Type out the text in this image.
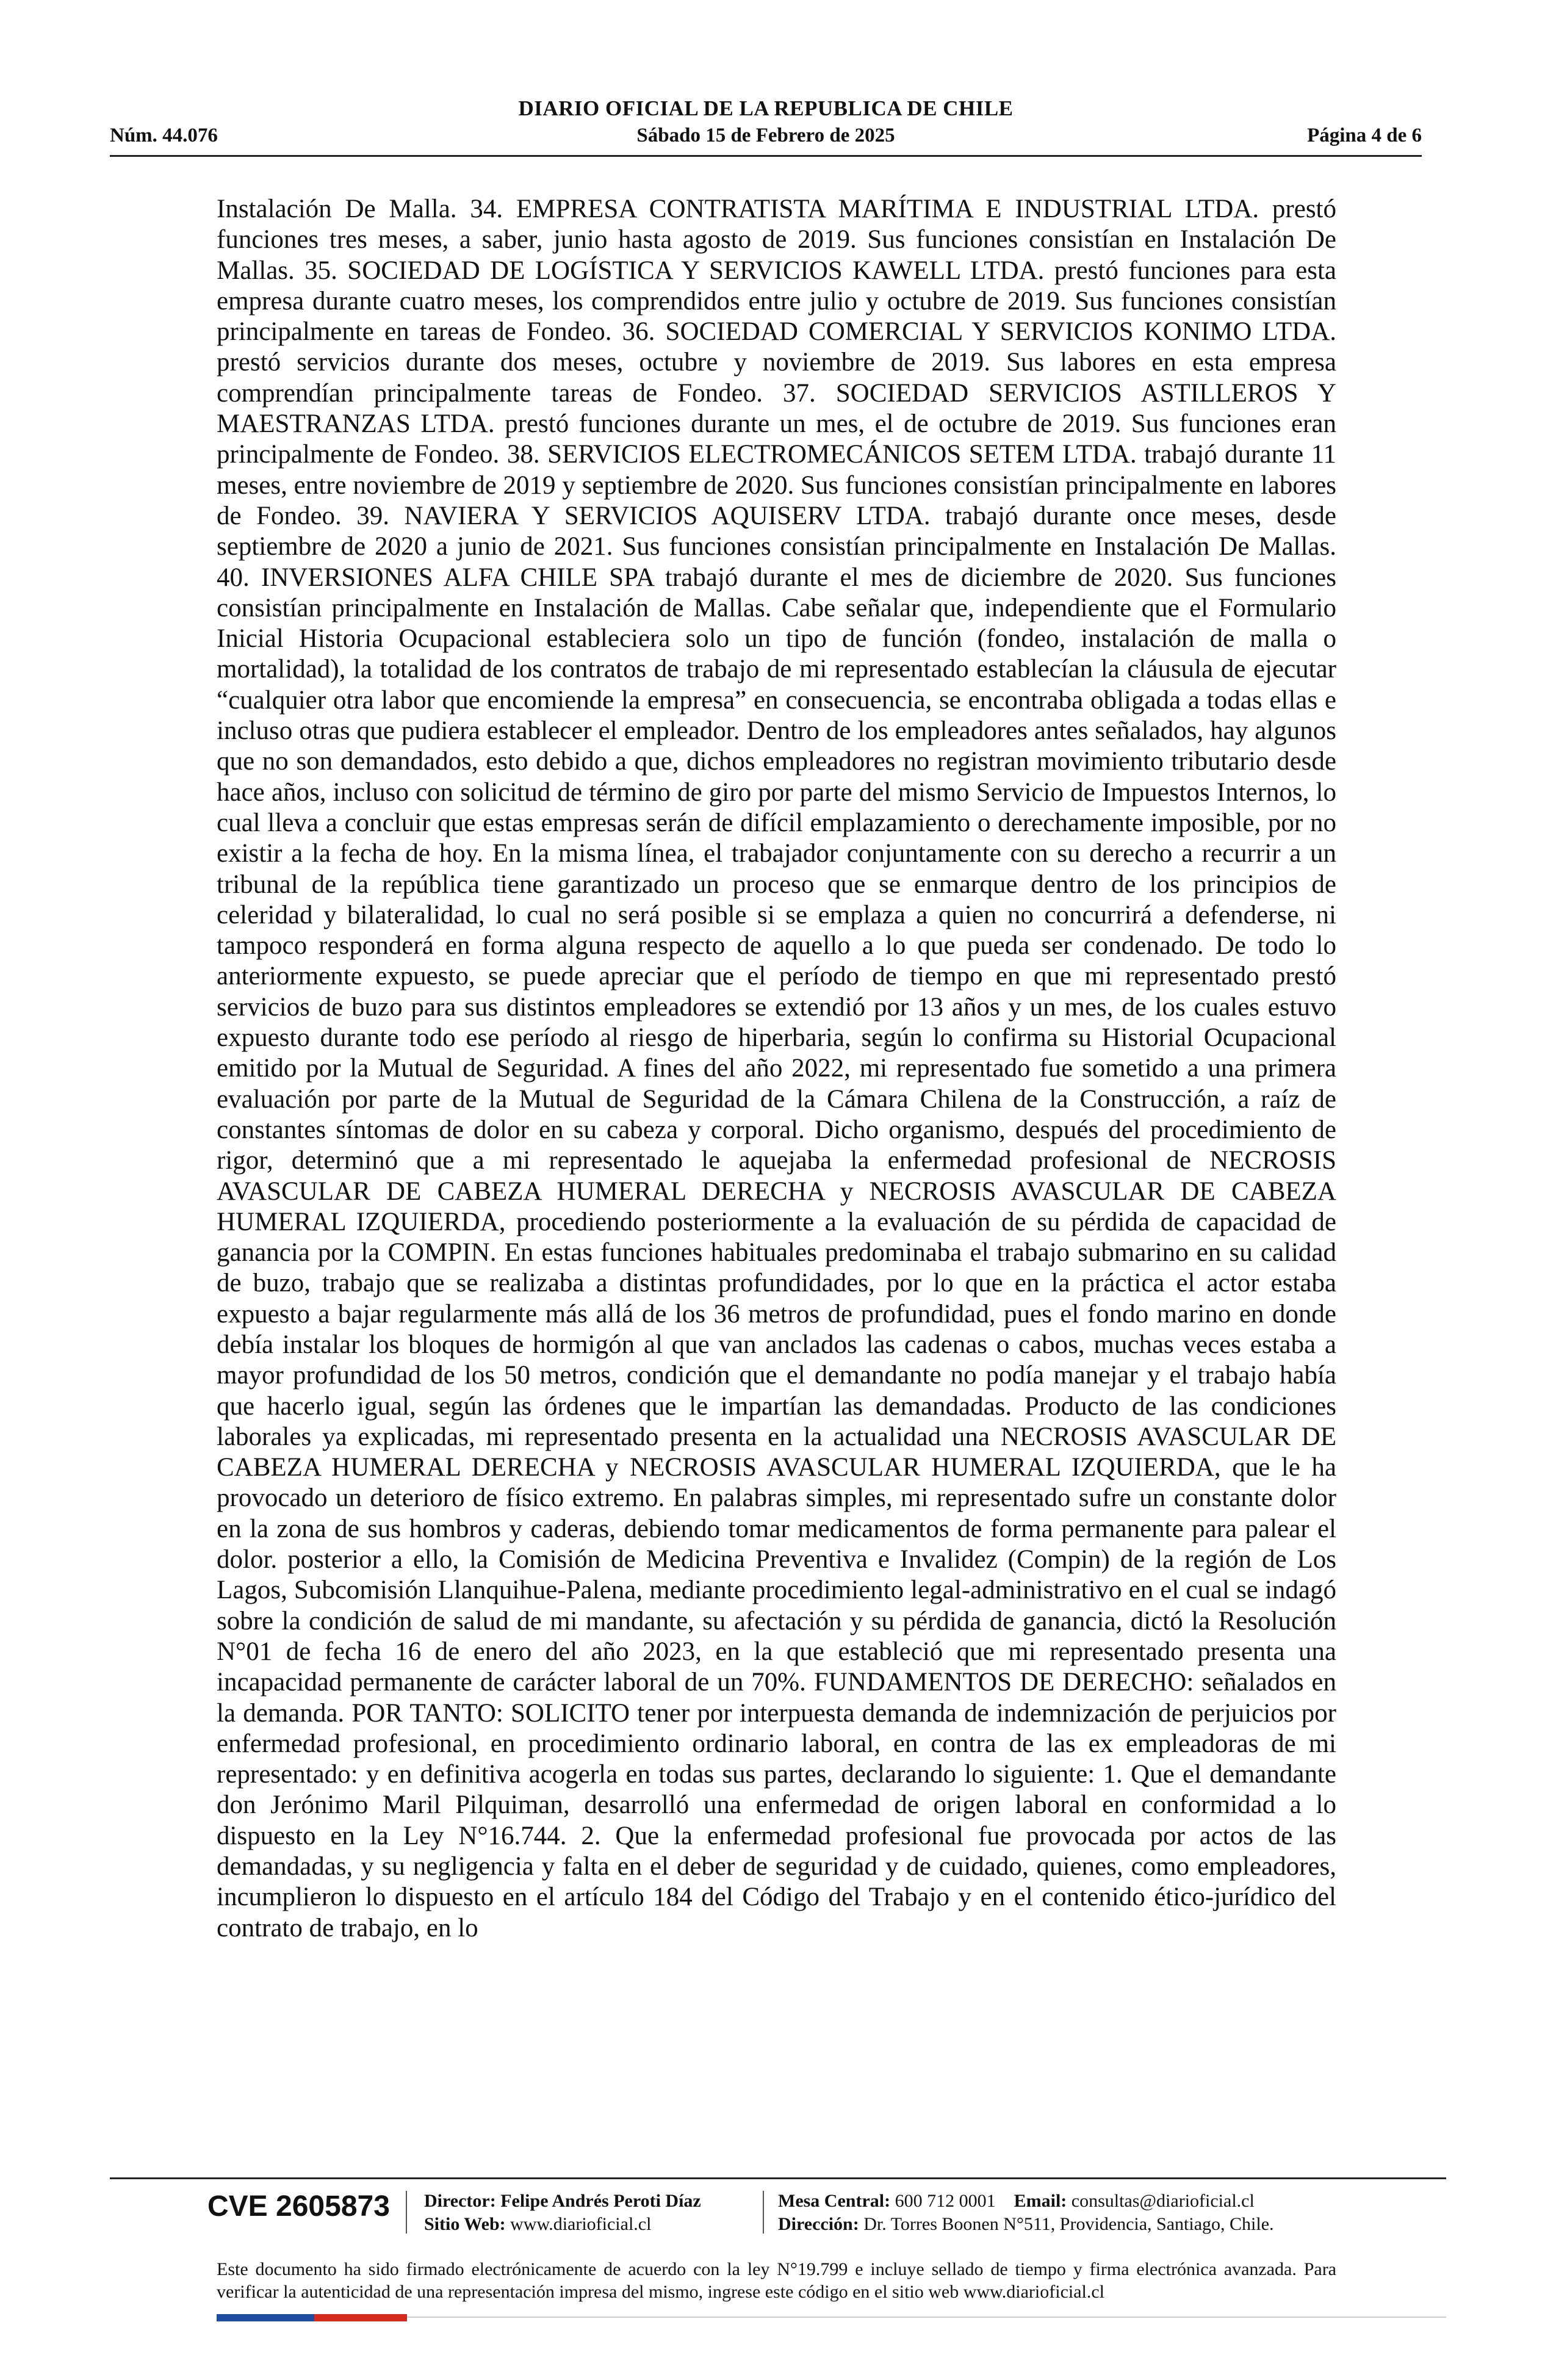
DIARIO OFICIAL DE LA REPUBLICA DE CHILE
Núm. 44.076	Sábado 15 de Febrero de 2025	Página 4 de 6
Instalación De Malla. 34. EMPRESA CONTRATISTA MARÍTIMA E INDUSTRIAL LTDA. prestó funciones tres meses, a saber, junio hasta agosto de 2019. Sus funciones consistían en Instalación De Mallas. 35. SOCIEDAD DE LOGÍSTICA Y SERVICIOS KAWELL LTDA. prestó funciones para esta empresa durante cuatro meses, los comprendidos entre julio y octubre de 2019. Sus funciones consistían principalmente en tareas de Fondeo. 36. SOCIEDAD COMERCIAL Y SERVICIOS KONIMO LTDA. prestó servicios durante dos meses, octubre y noviembre de 2019. Sus labores en esta empresa comprendían principalmente tareas de Fondeo. 37. SOCIEDAD SERVICIOS ASTILLEROS Y MAESTRANZAS LTDA. prestó funciones durante un mes, el de octubre de 2019. Sus funciones eran principalmente de Fondeo. 38. SERVICIOS ELECTROMECÁNICOS SETEM LTDA. trabajó durante 11 meses, entre noviembre de 2019 y septiembre de 2020. Sus funciones consistían principalmente en labores de Fondeo. 39. NAVIERA Y SERVICIOS AQUISERV LTDA. trabajó durante once meses, desde septiembre de 2020 a junio de 2021. Sus funciones consistían principalmente en Instalación De Mallas. 40. INVERSIONES ALFA CHILE SPA trabajó durante el mes de diciembre de 2020. Sus funciones consistían principalmente en Instalación de Mallas. Cabe señalar que, independiente que el Formulario Inicial Historia Ocupacional estableciera solo un tipo de función (fondeo, instalación de malla o mortalidad), la totalidad de los contratos de trabajo de mi representado establecían la cláusula de ejecutar “cualquier otra labor que encomiende la empresa” en consecuencia, se encontraba obligada a todas ellas e incluso otras que pudiera establecer el empleador. Dentro de los empleadores antes señalados, hay algunos que no son demandados, esto debido a que, dichos empleadores no registran movimiento tributario desde hace años, incluso con solicitud de término de giro por parte del mismo Servicio de Impuestos Internos, lo cual lleva a concluir que estas empresas serán de difícil emplazamiento o derechamente imposible, por no existir a la fecha de hoy. En la misma línea, el trabajador conjuntamente con su derecho a recurrir a un tribunal de la república tiene garantizado un proceso que se enmarque dentro de los principios de celeridad y bilateralidad, lo cual no será posible si se emplaza a quien no concurrirá a defenderse, ni tampoco responderá en forma alguna respecto de aquello a lo que pueda ser condenado. De todo lo anteriormente expuesto, se puede apreciar que el período de tiempo en que mi representado prestó servicios de buzo para sus distintos empleadores se extendió por 13 años y un mes, de los cuales estuvo expuesto durante todo ese período al riesgo de hiperbaria, según lo confirma su Historial Ocupacional emitido por la Mutual de Seguridad. A fines del año 2022, mi representado fue sometido a una primera evaluación por parte de la Mutual de Seguridad de la Cámara Chilena de la Construcción, a raíz de constantes síntomas de dolor en su cabeza y corporal. Dicho organismo, después del procedimiento de rigor, determinó que a mi representado le aquejaba la enfermedad profesional de NECROSIS AVASCULAR DE CABEZA HUMERAL DERECHA y NECROSIS AVASCULAR DE CABEZA HUMERAL IZQUIERDA, procediendo posteriormente a la evaluación de su pérdida de capacidad de ganancia por la COMPIN. En estas funciones habituales predominaba el trabajo submarino en su calidad de buzo, trabajo que se realizaba a distintas profundidades, por lo que en la práctica el actor estaba expuesto a bajar regularmente más allá de los 36 metros de profundidad, pues el fondo marino en donde debía instalar los bloques de hormigón al que van anclados las cadenas o cabos, muchas veces estaba a mayor profundidad de los 50 metros, condición que el demandante no podía manejar y el trabajo había que hacerlo igual, según las órdenes que le impartían las demandadas. Producto de las condiciones laborales ya explicadas, mi representado presenta en la actualidad una NECROSIS AVASCULAR DE CABEZA HUMERAL DERECHA y NECROSIS AVASCULAR HUMERAL IZQUIERDA, que le ha provocado un deterioro de físico extremo. En palabras simples, mi representado sufre un constante dolor en la zona de sus hombros y caderas, debiendo tomar medicamentos de forma permanente para palear el dolor. posterior a ello, la Comisión de Medicina Preventiva e Invalidez (Compin) de la región de Los Lagos, Subcomisión Llanquihue-Palena, mediante procedimiento legal-administrativo en el cual se indagó sobre la condición de salud de mi mandante, su afectación y su pérdida de ganancia, dictó la Resolución N°01 de fecha 16 de enero del año 2023, en la que estableció que mi representado presenta una incapacidad permanente de carácter laboral de un 70%. FUNDAMENTOS DE DERECHO: señalados en la demanda. POR TANTO: SOLICITO tener por interpuesta demanda de indemnización de perjuicios por enfermedad profesional, en procedimiento ordinario laboral, en contra de las ex empleadoras de mi representado: y en definitiva acogerla en todas sus partes, declarando lo siguiente: 1. Que el demandante don Jerónimo Maril Pilquiman, desarrolló una enfermedad de origen laboral en conformidad a lo dispuesto en la Ley N°16.744. 2. Que la enfermedad profesional fue provocada por actos de las demandadas, y su negligencia y falta en el deber de seguridad y de cuidado, quienes, como empleadores, incumplieron lo dispuesto en el artículo 184 del Código del Trabajo y en el contenido ético-jurídico del contrato de trabajo, en lo
CVE 2605873 Director: Felipe Andrés Peroti Díaz
Sitio Web: www.diarioficial.cl
Mesa Central: 600 712 0001 Email: consultas@diarioficial.cl
Dirección: Dr. Torres Boonen N°511, Providencia, Santiago, Chile.
Este documento ha sido firmado electrónicamente de acuerdo con la ley N°19.799 e incluye sellado de tiempo y firma electrónica avanzada. Para verificar la autenticidad de una representación impresa del mismo, ingrese este código en el sitio web www.diarioficial.cl
